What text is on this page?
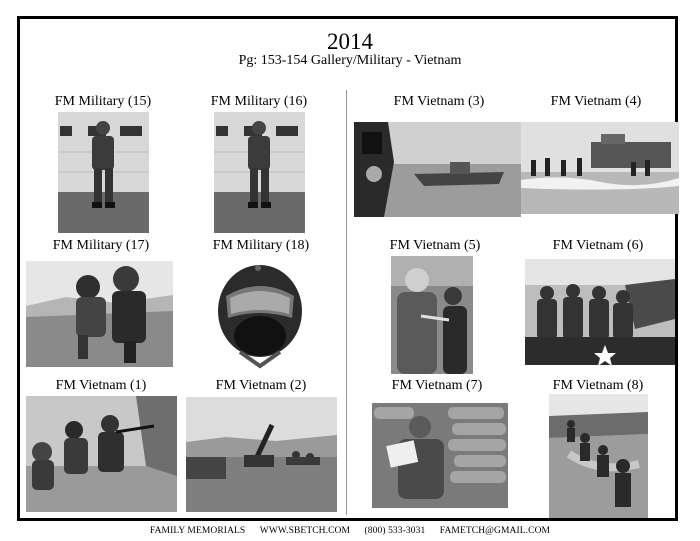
2014
Pg: 153-154 Gallery/Military - Vietnam
FM Military (15)	FM Military (16)
FM Military (17)	FM Military (18)
FM Vietnam (1)	FM Vietnam (2)
FM Vietnam (3)	FM Vietnam (4)
FM Vietnam (5)	FM Vietnam (6)
FM Vietnam (7)	FM Vietnam (8)
FAMILY MEMORIALS WWW.SBETCH.COM (800) 533-3031 FAMETCH@GMAIL.COM
